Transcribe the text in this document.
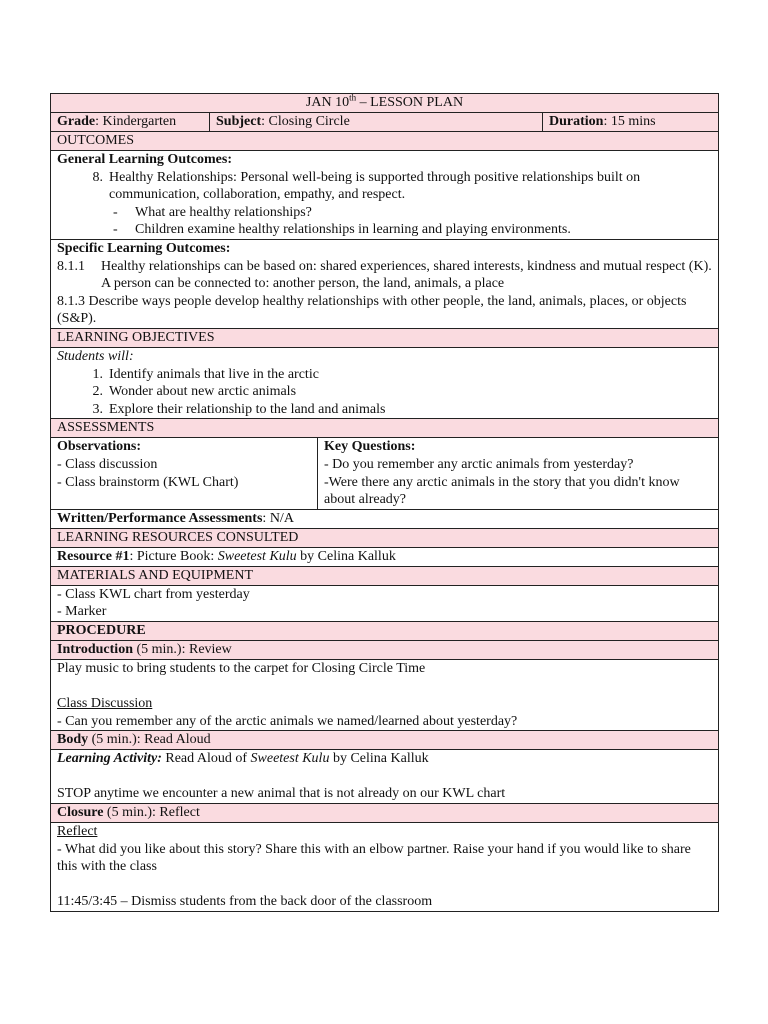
JAN 10th – LESSON PLAN

Grade: Kindergarten	Subject: Closing Circle	Duration: 15 mins

OUTCOMES

General Learning Outcomes:
8. Healthy Relationships: Personal well-being is supported through positive relationships built on communication, collaboration, empathy, and respect.
-	What are healthy relationships?
-	Children examine healthy relationships in learning and playing environments.

Specific Learning Outcomes:
8.1.1	Healthy relationships can be based on: shared experiences, shared interests, kindness and mutual respect (K).
A person can be connected to: another person, the land, animals, a place
8.1.3 Describe ways people develop healthy relationships with other people, the land, animals, places, or objects (S&P).

LEARNING OBJECTIVES

Students will:
1. Identify animals that live in the arctic
2. Wonder about new arctic animals
3. Explore their relationship to the land and animals

ASSESSMENTS

Observations:
- Class discussion
- Class brainstorm (KWL Chart)

Key Questions:
- Do you remember any arctic animals from yesterday?
-Were there any arctic animals in the story that you didn't know about already?

Written/Performance Assessments: N/A
LEARNING RESOURCES CONSULTED
Resource #1: Picture Book: Sweetest Kulu by Celina Kalluk
MATERIALS AND EQUIPMENT

- Class KWL chart from yesterday
- Marker

PROCEDURE
Introduction (5 min.): Review

Play music to bring students to the carpet for Closing Circle Time
Class Discussion
- Can you remember any of the arctic animals we named/learned about yesterday?

Body (5 min.): Read Aloud

Learning Activity: Read Aloud of Sweetest Kulu by Celina Kalluk
STOP anytime we encounter a new animal that is not already on our KWL chart

Closure (5 min.): Reflect

Reflect
- What did you like about this story? Share this with an elbow partner. Raise your hand if you would like to share this with the class
11:45/3:45 – Dismiss students from the back door of the classroom
